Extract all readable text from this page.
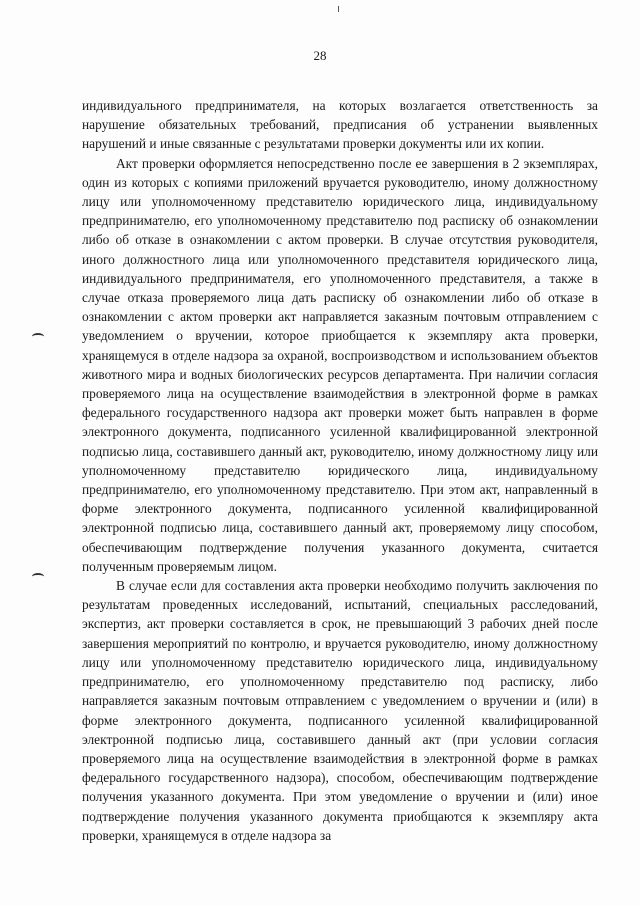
28

индивидуального предпринимателя, на которых возлагается ответственность за нарушение обязательных требований, предписания об устранении выявленных нарушений и иные связанные с результатами проверки документы или их копии.

Акт проверки оформляется непосредственно после ее завершения в 2 экземплярах, один из которых с копиями приложений вручается руководителю, иному должностному лицу или уполномоченному представителю юридического лица, индивидуальному предпринимателю, его уполномоченному представителю под расписку об ознакомлении либо об отказе в ознакомлении с актом проверки. В случае отсутствия руководителя, иного должностного лица или уполномоченного представителя юридического лица, индивидуального предпринимателя, его уполномоченного представителя, а также в случае отказа проверяемого лица дать расписку об ознакомлении либо об отказе в ознакомлении с актом проверки акт направляется заказным почтовым отправлением с уведомлением о вручении, которое приобщается к экземпляру акта проверки, хранящемуся в отделе надзора за охраной, воспроизводством и использованием объектов животного мира и водных биологических ресурсов департамента. При наличии согласия проверяемого лица на осуществление взаимодействия в электронной форме в рамках федерального государственного надзора акт проверки может быть направлен в форме электронного документа, подписанного усиленной квалифицированной электронной подписью лица, составившего данный акт, руководителю, иному должностному лицу или уполномоченному представителю юридического лица, индивидуальному предпринимателю, его уполномоченному представителю. При этом акт, направленный в форме электронного документа, подписанного усиленной квалифицированной электронной подписью лица, составившего данный акт, проверяемому лицу способом, обеспечивающим подтверждение получения указанного документа, считается полученным проверяемым лицом.

В случае если для составления акта проверки необходимо получить заключения по результатам проведенных исследований, испытаний, специальных расследований, экспертиз, акт проверки составляется в срок, не превышающий 3 рабочих дней после завершения мероприятий по контролю, и вручается руководителю, иному должностному лицу или уполномоченному представителю юридического лица, индивидуальному предпринимателю, его уполномоченному представителю под расписку, либо направляется заказным почтовым отправлением с уведомлением о вручении и (или) в форме электронного документа, подписанного усиленной квалифицированной электронной подписью лица, составившего данный акт (при условии согласия проверяемого лица на осуществление взаимодействия в электронной форме в рамках федерального государственного надзора), способом, обеспечивающим подтверждение получения указанного документа. При этом уведомление о вручении и (или) иное подтверждение получения указанного документа приобщаются к экземпляру акта проверки, хранящемуся в отделе надзора за
